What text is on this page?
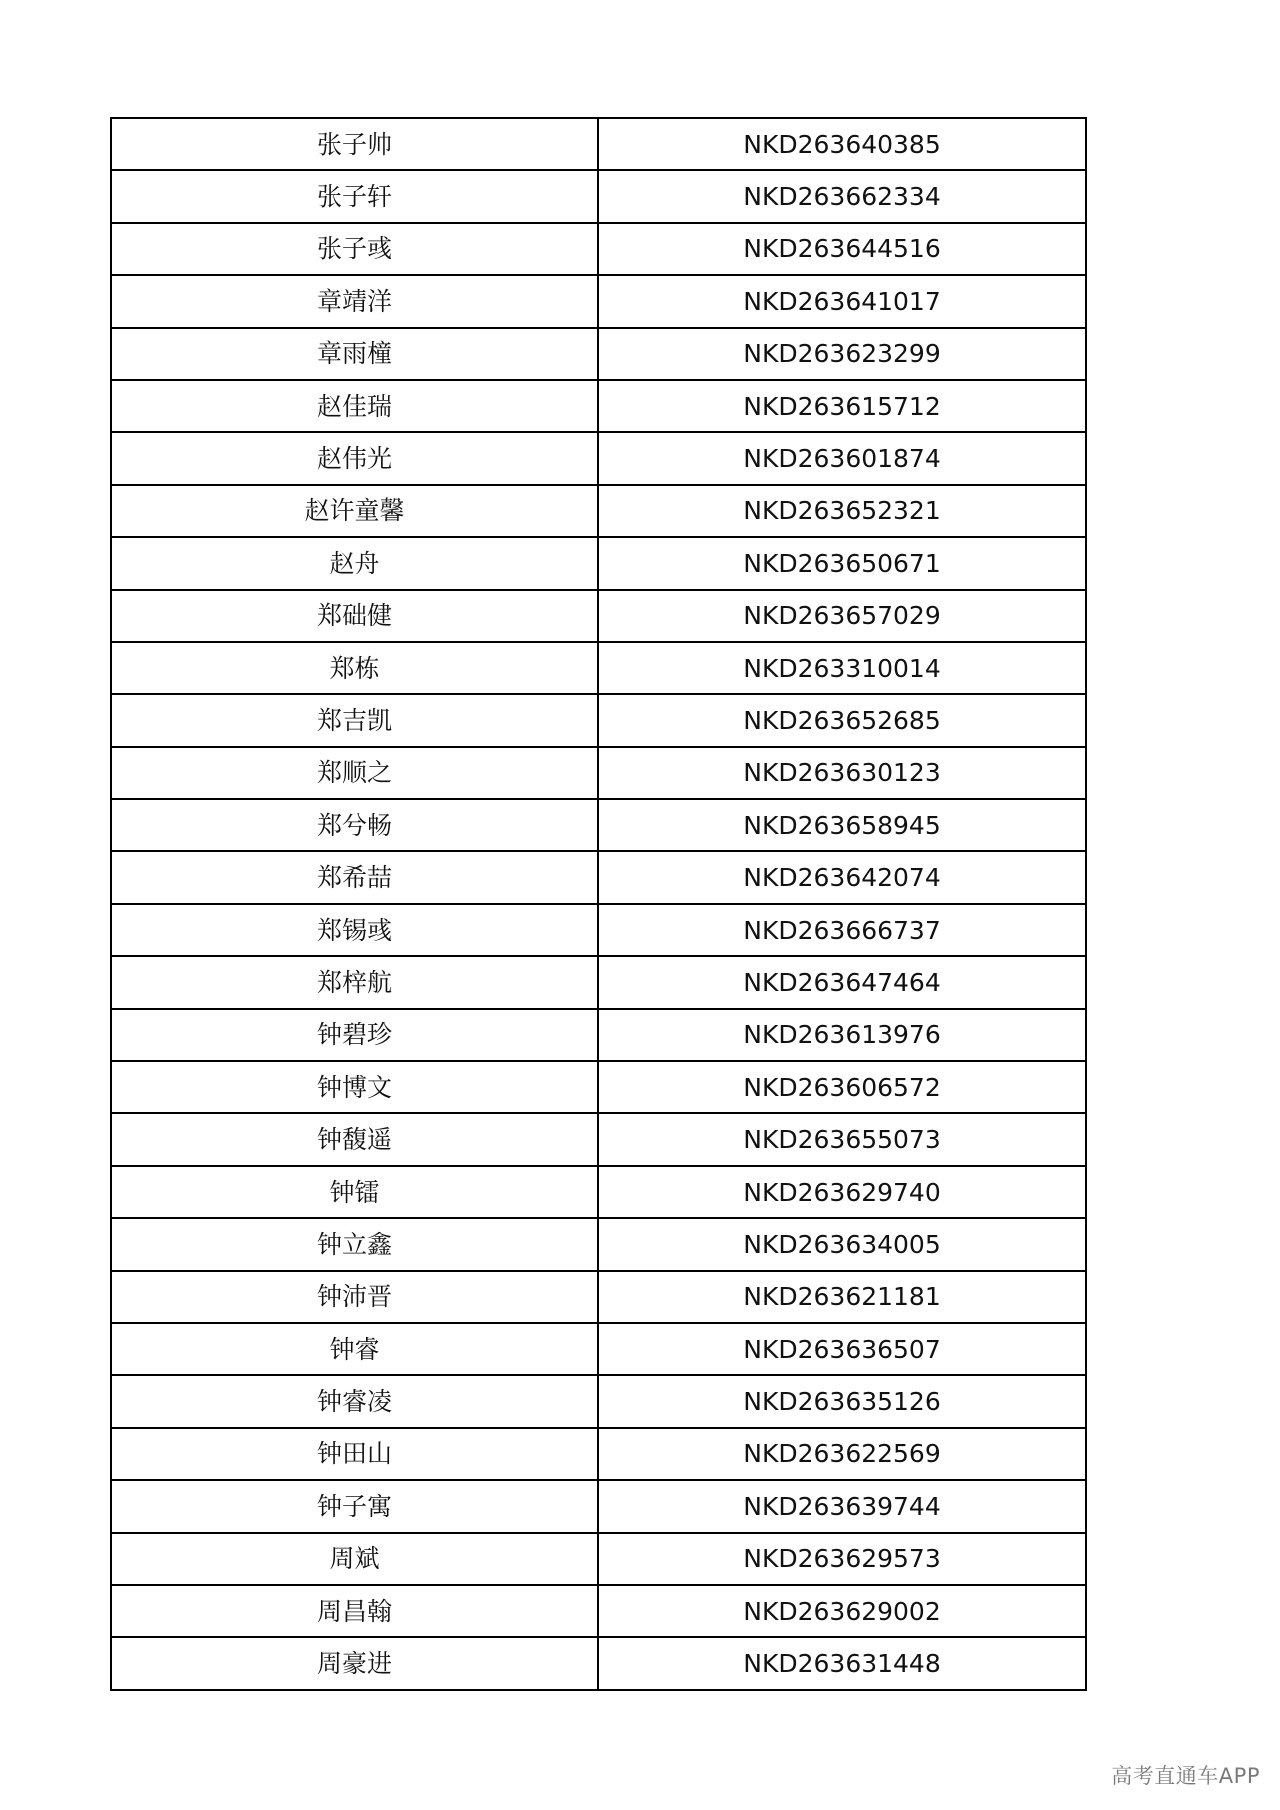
张子帅	NKD263640385
张子轩	NKD263662334
张子彧	NKD263644516
章靖洋	NKD263641017
章雨橦	NKD263623299
赵佳瑞	NKD263615712
赵伟光	NKD263601874
赵许童馨	NKD263652321
赵舟	NKD263650671
郑础健	NKD263657029
郑栋	NKD263310014
郑吉凯	NKD263652685
郑顺之	NKD263630123
郑兮畅	NKD263658945
郑希喆	NKD263642074
郑锡彧	NKD263666737
郑梓航	NKD263647464
钟碧珍	NKD263613976
钟博文	NKD263606572
钟馥遥	NKD263655073
钟镭	NKD263629740
钟立鑫	NKD263634005
钟沛晋	NKD263621181
钟睿	NKD263636507
钟睿凌	NKD263635126
钟田山	NKD263622569
钟子寓	NKD263639744
周斌	NKD263629573
周昌翰	NKD263629002
周豪进	NKD263631448
高考直通车APP
